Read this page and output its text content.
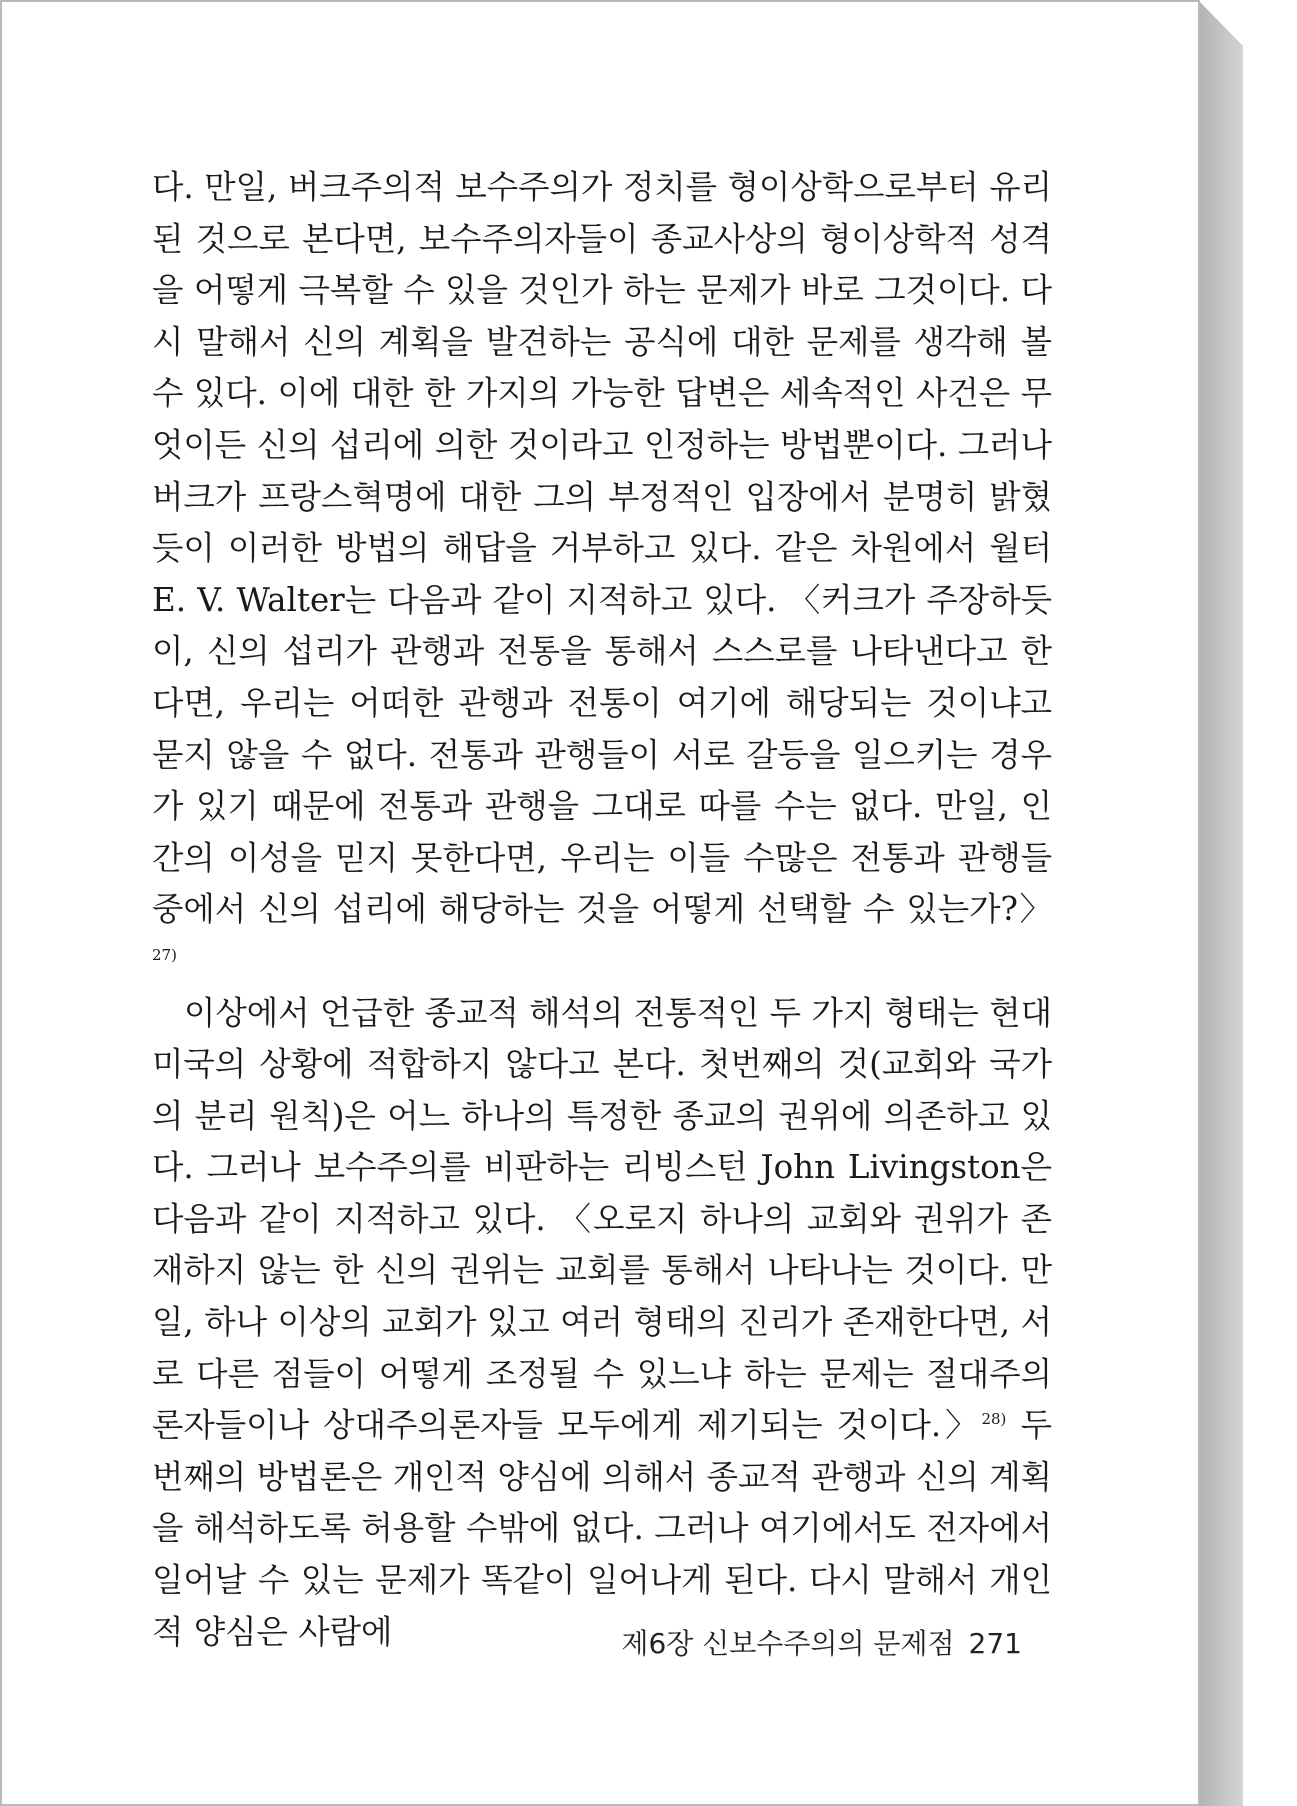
다. 만일, 버크주의적 보수주의가 정치를 형이상학으로부터 유리된 것으로 본다면, 보수주의자들이 종교사상의 형이상학적 성격을 어떻게 극복할 수 있을 것인가 하는 문제가 바로 그것이다. 다시 말해서 신의 계획을 발견하는 공식에 대한 문제를 생각해 볼 수 있다. 이에 대한 한 가지의 가능한 답변은 세속적인 사건은 무엇이든 신의 섭리에 의한 것이라고 인정하는 방법뿐이다. 그러나 버크가 프랑스혁명에 대한 그의 부정적인 입장에서 분명히 밝혔듯이 이러한 방법의 해답을 거부하고 있다. 같은 차원에서 월터 E. V. Walter는 다음과 같이 지적하고 있다. 〈커크가 주장하듯이, 신의 섭리가 관행과 전통을 통해서 스스로를 나타낸다고 한다면, 우리는 어떠한 관행과 전통이 여기에 해당되는 것이냐고 묻지 않을 수 없다. 전통과 관행들이 서로 갈등을 일으키는 경우가 있기 때문에 전통과 관행을 그대로 따를 수는 없다. 만일, 인간의 이성을 믿지 못한다면, 우리는 이들 수많은 전통과 관행들 중에서 신의 섭리에 해당하는 것을 어떻게 선택할 수 있는가?〉$^{27)}$

이상에서 언급한 종교적 해석의 전통적인 두 가지 형태는 현대 미국의 상황에 적합하지 않다고 본다. 첫번째의 것(교회와 국가의 분리 원칙)은 어느 하나의 특정한 종교의 권위에 의존하고 있다. 그러나 보수주의를 비판하는 리빙스턴 John Livingston은 다음과 같이 지적하고 있다. 〈오로지 하나의 교회와 권위가 존재하지 않는 한 신의 권위는 교회를 통해서 나타나는 것이다. 만일, 하나 이상의 교회가 있고 여러 형태의 진리가 존재한다면, 서로 다른 점들이 어떻게 조정될 수 있느냐 하는 문제는 절대주의론자들이나 상대주의론자들 모두에게 제기되는 것이다.〉$^{28)}$ 두번째의 방법론은 개인적 양심에 의해서 종교적 관행과 신의 계획을 해석하도록 허용할 수밖에 없다. 그러나 여기에서도 전자에서 일어날 수 있는 문제가 똑같이 일어나게 된다. 다시 말해서 개인적 양심은 사람에	제6장 신보수주의의 문제점 271
